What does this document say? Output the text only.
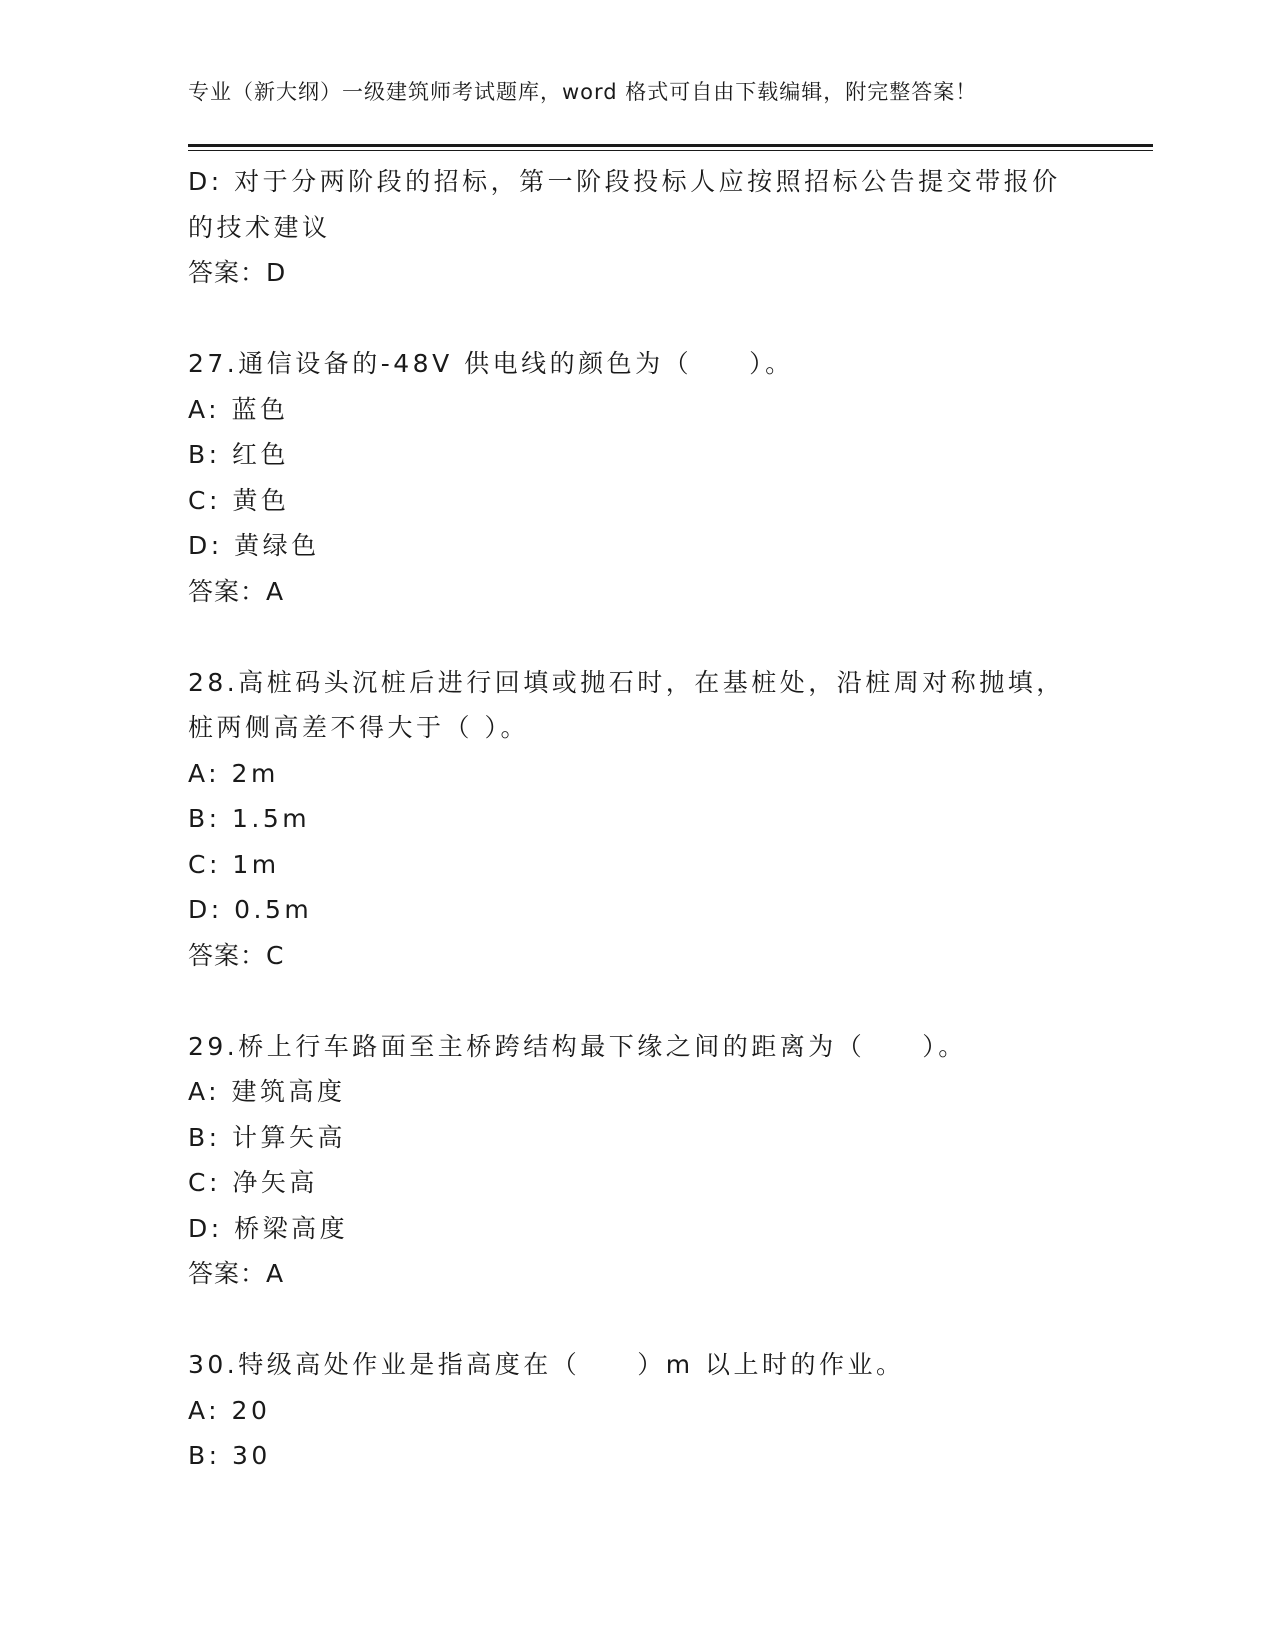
专业（新大纲）一级建筑师考试题库，word 格式可自由下载编辑，附完整答案！
D: 对于分两阶段的招标，第一阶段投标人应按照招标公告提交带报价
的技术建议
答案：D
27.通信设备的-48V 供电线的颜色为（　　）。
A: 蓝色
B: 红色
C: 黄色
D: 黄绿色
答案：A
28.高桩码头沉桩后进行回填或抛石时，在基桩处，沿桩周对称抛填，
桩两侧高差不得大于（ ）。
A: 2m
B: 1.5m
C: 1m
D: 0.5m
答案：C
29.桥上行车路面至主桥跨结构最下缘之间的距离为（　　）。
A: 建筑高度
B: 计算矢高
C: 净矢高
D: 桥梁高度
答案：A
30.特级高处作业是指高度在（　　）m 以上时的作业。
A: 20
B: 30
